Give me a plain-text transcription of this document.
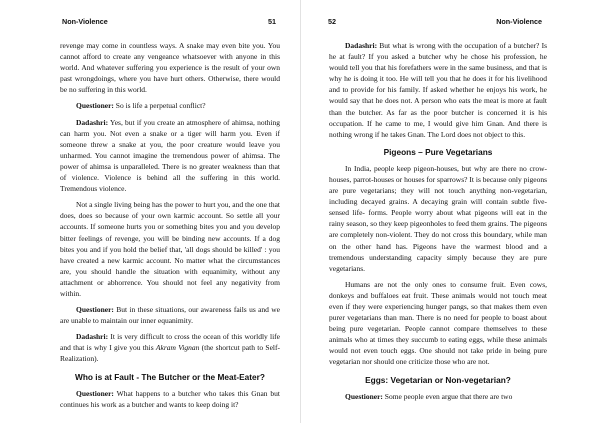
Non-Violence	51

revenge may come in countless ways. A snake may even bite you. You cannot afford to create any vengeance whatsoever with anyone in this world. And whatever suffering you experience is the result of your own past wrongdoings, where you have hurt others. Otherwise, there would be no suffering in this world.

Questioner: So is life a perpetual conflict?

Dadashri: Yes, but if you create an atmosphere of ahimsa, nothing can harm you. Not even a snake or a tiger will harm you. Even if someone threw a snake at you, the poor creature would leave you unharmed. You cannot imagine the tremendous power of ahimsa. The power of ahimsa is unparalleled. There is no greater weakness than that of violence. Violence is behind all the suffering in this world. Tremendous violence.

Not a single living being has the power to hurt you, and the one that does, does so because of your own karmic account. So settle all your accounts. If someone hurts you or something bites you and you develop bitter feelings of revenge, you will be binding new accounts. If a dog bites you and if you hold the belief that, 'all dogs should be killed' : you have created a new karmic account. No matter what the circumstances are, you should handle the situation with equanimity, without any attachment or abhorrence. You should not feel any negativity from within.

Questioner: But in these situations, our awareness fails us and we are unable to maintain our inner equanimity.

Dadashri: It is very difficult to cross the ocean of this worldly life and that is why I give you this Akram Vignan (the shortcut path to Self-Realization).

Who is at Fault - The Butcher or the Meat-Eater?

Questioner: What happens to a butcher who takes this Gnan but continues his work as a butcher and wants to keep doing it?

52	Non-Violence

Dadashri: But what is wrong with the occupation of a butcher? Is he at fault? If you asked a butcher why he chose his profession, he would tell you that his forefathers were in the same business, and that is why he is doing it too. He will tell you that he does it for his livelihood and to provide for his family. If asked whether he enjoys his work, he would say that he does not. A person who eats the meat is more at fault than the butcher. As far as the poor butcher is concerned it is his occupation. If he came to me, I would give him Gnan. And there is nothing wrong if he takes Gnan. The Lord does not object to this.

Pigeons – Pure Vegetarians

In India, people keep pigeon-houses, but why are there no crow-houses, parrot-houses or houses for sparrows? It is because only pigeons are pure vegetarians; they will not touch anything non-vegetarian, including decayed grains. A decaying grain will contain subtle five-sensed life- forms. People worry about what pigeons will eat in the rainy season, so they keep pigeonholes to feed them grains. The pigeons are completely non-violent. They do not cross this boundary, while man on the other hand has. Pigeons have the warmest blood and a tremendous understanding capacity simply because they are pure vegetarians.

Humans are not the only ones to consume fruit. Even cows, donkeys and buffaloes eat fruit. These animals would not touch meat even if they were experiencing hunger pangs, so that makes them even purer vegetarians than man. There is no need for people to boast about being pure vegetarian. People cannot compare themselves to these animals who at times they succumb to eating eggs, while these animals would not even touch eggs. One should not take pride in being pure vegetarian nor should one criticize those who are not.

Eggs: Vegetarian or Non-vegetarian?

Questioner: Some people even argue that there are two
